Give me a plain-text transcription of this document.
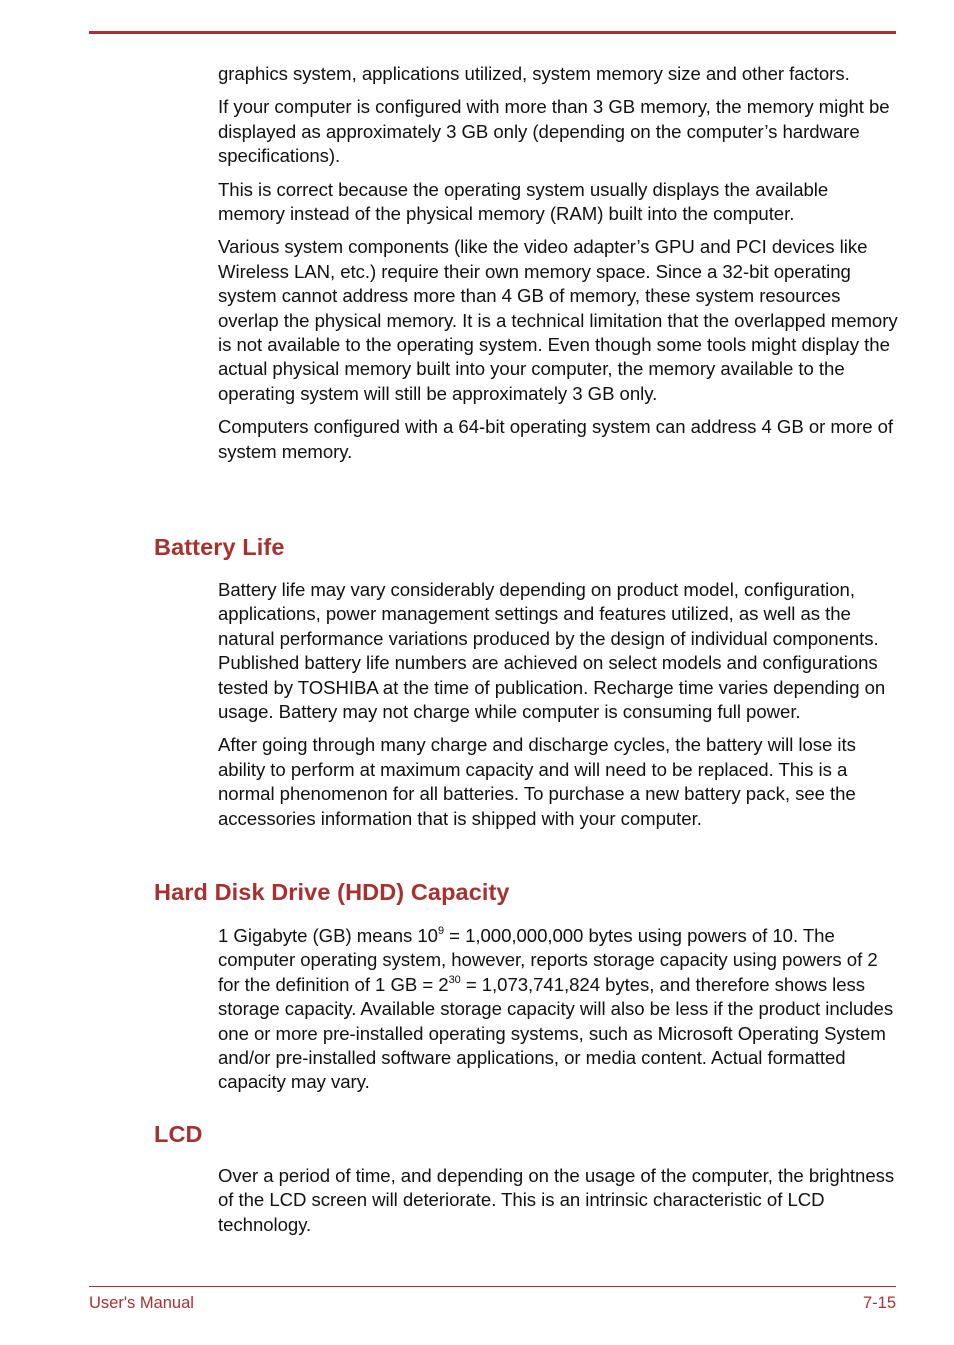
graphics system, applications utilized, system memory size and other factors.

If your computer is configured with more than 3 GB memory, the memory might be displayed as approximately 3 GB only (depending on the computer’s hardware specifications).

This is correct because the operating system usually displays the available memory instead of the physical memory (RAM) built into the computer.

Various system components (like the video adapter’s GPU and PCI devices like Wireless LAN, etc.) require their own memory space. Since a 32-bit operating system cannot address more than 4 GB of memory, these system resources overlap the physical memory. It is a technical limitation that the overlapped memory is not available to the operating system. Even though some tools might display the actual physical memory built into your computer, the memory available to the operating system will still be approximately 3 GB only.

Computers configured with a 64-bit operating system can address 4 GB or more of system memory.

Battery Life

Battery life may vary considerably depending on product model, configuration, applications, power management settings and features utilized, as well as the natural performance variations produced by the design of individual components. Published battery life numbers are achieved on select models and configurations tested by TOSHIBA at the time of publication. Recharge time varies depending on usage. Battery may not charge while computer is consuming full power.

After going through many charge and discharge cycles, the battery will lose its ability to perform at maximum capacity and will need to be replaced. This is a normal phenomenon for all batteries. To purchase a new battery pack, see the accessories information that is shipped with your computer.

Hard Disk Drive (HDD) Capacity

1 Gigabyte (GB) means $10^9 = 1,000,000,000$ bytes using powers of 10. The computer operating system, however, reports storage capacity using powers of 2 for the definition of 1 GB = $2^{30} = 1,073,741,824$ bytes, and therefore shows less storage capacity. Available storage capacity will also be less if the product includes one or more pre-installed operating systems, such as Microsoft Operating System and/or pre-installed software applications, or media content. Actual formatted capacity may vary.

LCD

Over a period of time, and depending on the usage of the computer, the brightness of the LCD screen will deteriorate. This is an intrinsic characteristic of LCD technology.

User's Manual	7-15
